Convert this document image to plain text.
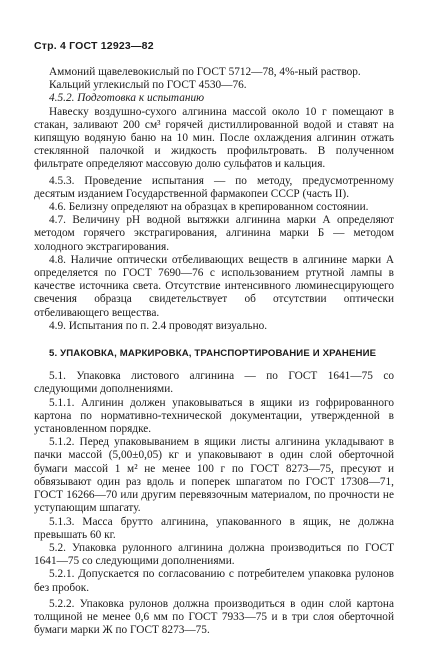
Стр. 4 ГОСТ 12923—82

Аммоний щавелевокислый по ГОСТ 5712—78, 4%-ный раствор.

Кальций углекислый по ГОСТ 4530—76.

4.5.2. Подготовка к испытанию

Навеску воздушно-сухого алгинина массой около 10 г помещают в стакан, заливают 200 см³ горячей дистиллированной водой и ставят на кипящую водяную баню на 10 мин. После охлаждения алгинин отжать стеклянной палочкой и жидкость профильтровать. В полученном фильтрате определяют массовую долю сульфатов и кальция.

4.5.3. Проведение испытания — по методу, предусмотренному десятым изданием Государственной фармакопеи СССР (часть II).

4.6. Белизну определяют на образцах в крепированном состоянии.

4.7. Величину pH водной вытяжки алгинина марки А определяют методом горячего экстрагирования, алгинина марки Б — методом холодного экстрагирования.

4.8. Наличие оптически отбеливающих веществ в алгинине марки А определяется по ГОСТ 7690—76 с использованием ртутной лампы в качестве источника света. Отсутствие интенсивного люминесцирующего свечения образца свидетельствует об отсутствии оптически отбеливающего вещества.

4.9. Испытания по п. 2.4 проводят визуально.

5. УПАКОВКА, МАРКИРОВКА, ТРАНСПОРТИРОВАНИЕ И ХРАНЕНИЕ

5.1. Упаковка листового алгинина — по ГОСТ 1641—75 со следующими дополнениями.

5.1.1. Алгинин должен упаковываться в ящики из гофрированного картона по нормативно-технической документации, утвержденной в установленном порядке.

5.1.2. Перед упаковыванием в ящики листы алгинина укладывают в пачки массой (5,00±0,05) кг и упаковывают в один слой оберточной бумаги массой 1 м² не менее 100 г по ГОСТ 8273—75, пресуют и обвязывают один раз вдоль и поперек шпагатом по ГОСТ 17308—71, ГОСТ 16266—70 или другим перевязочным материалом, по прочности не уступающим шпагату.

5.1.3. Масса брутто алгинина, упакованного в ящик, не должна превышать 60 кг.

5.2. Упаковка рулонного алгинина должна производиться по ГОСТ 1641—75 со следующими дополнениями.

5.2.1. Допускается по согласованию с потребителем упаковка рулонов без пробок.

5.2.2. Упаковка рулонов должна производиться в один слой картона толщиной не менее 0,6 мм по ГОСТ 7933—75 и в три слоя оберточной бумаги марки Ж по ГОСТ 8273—75.
